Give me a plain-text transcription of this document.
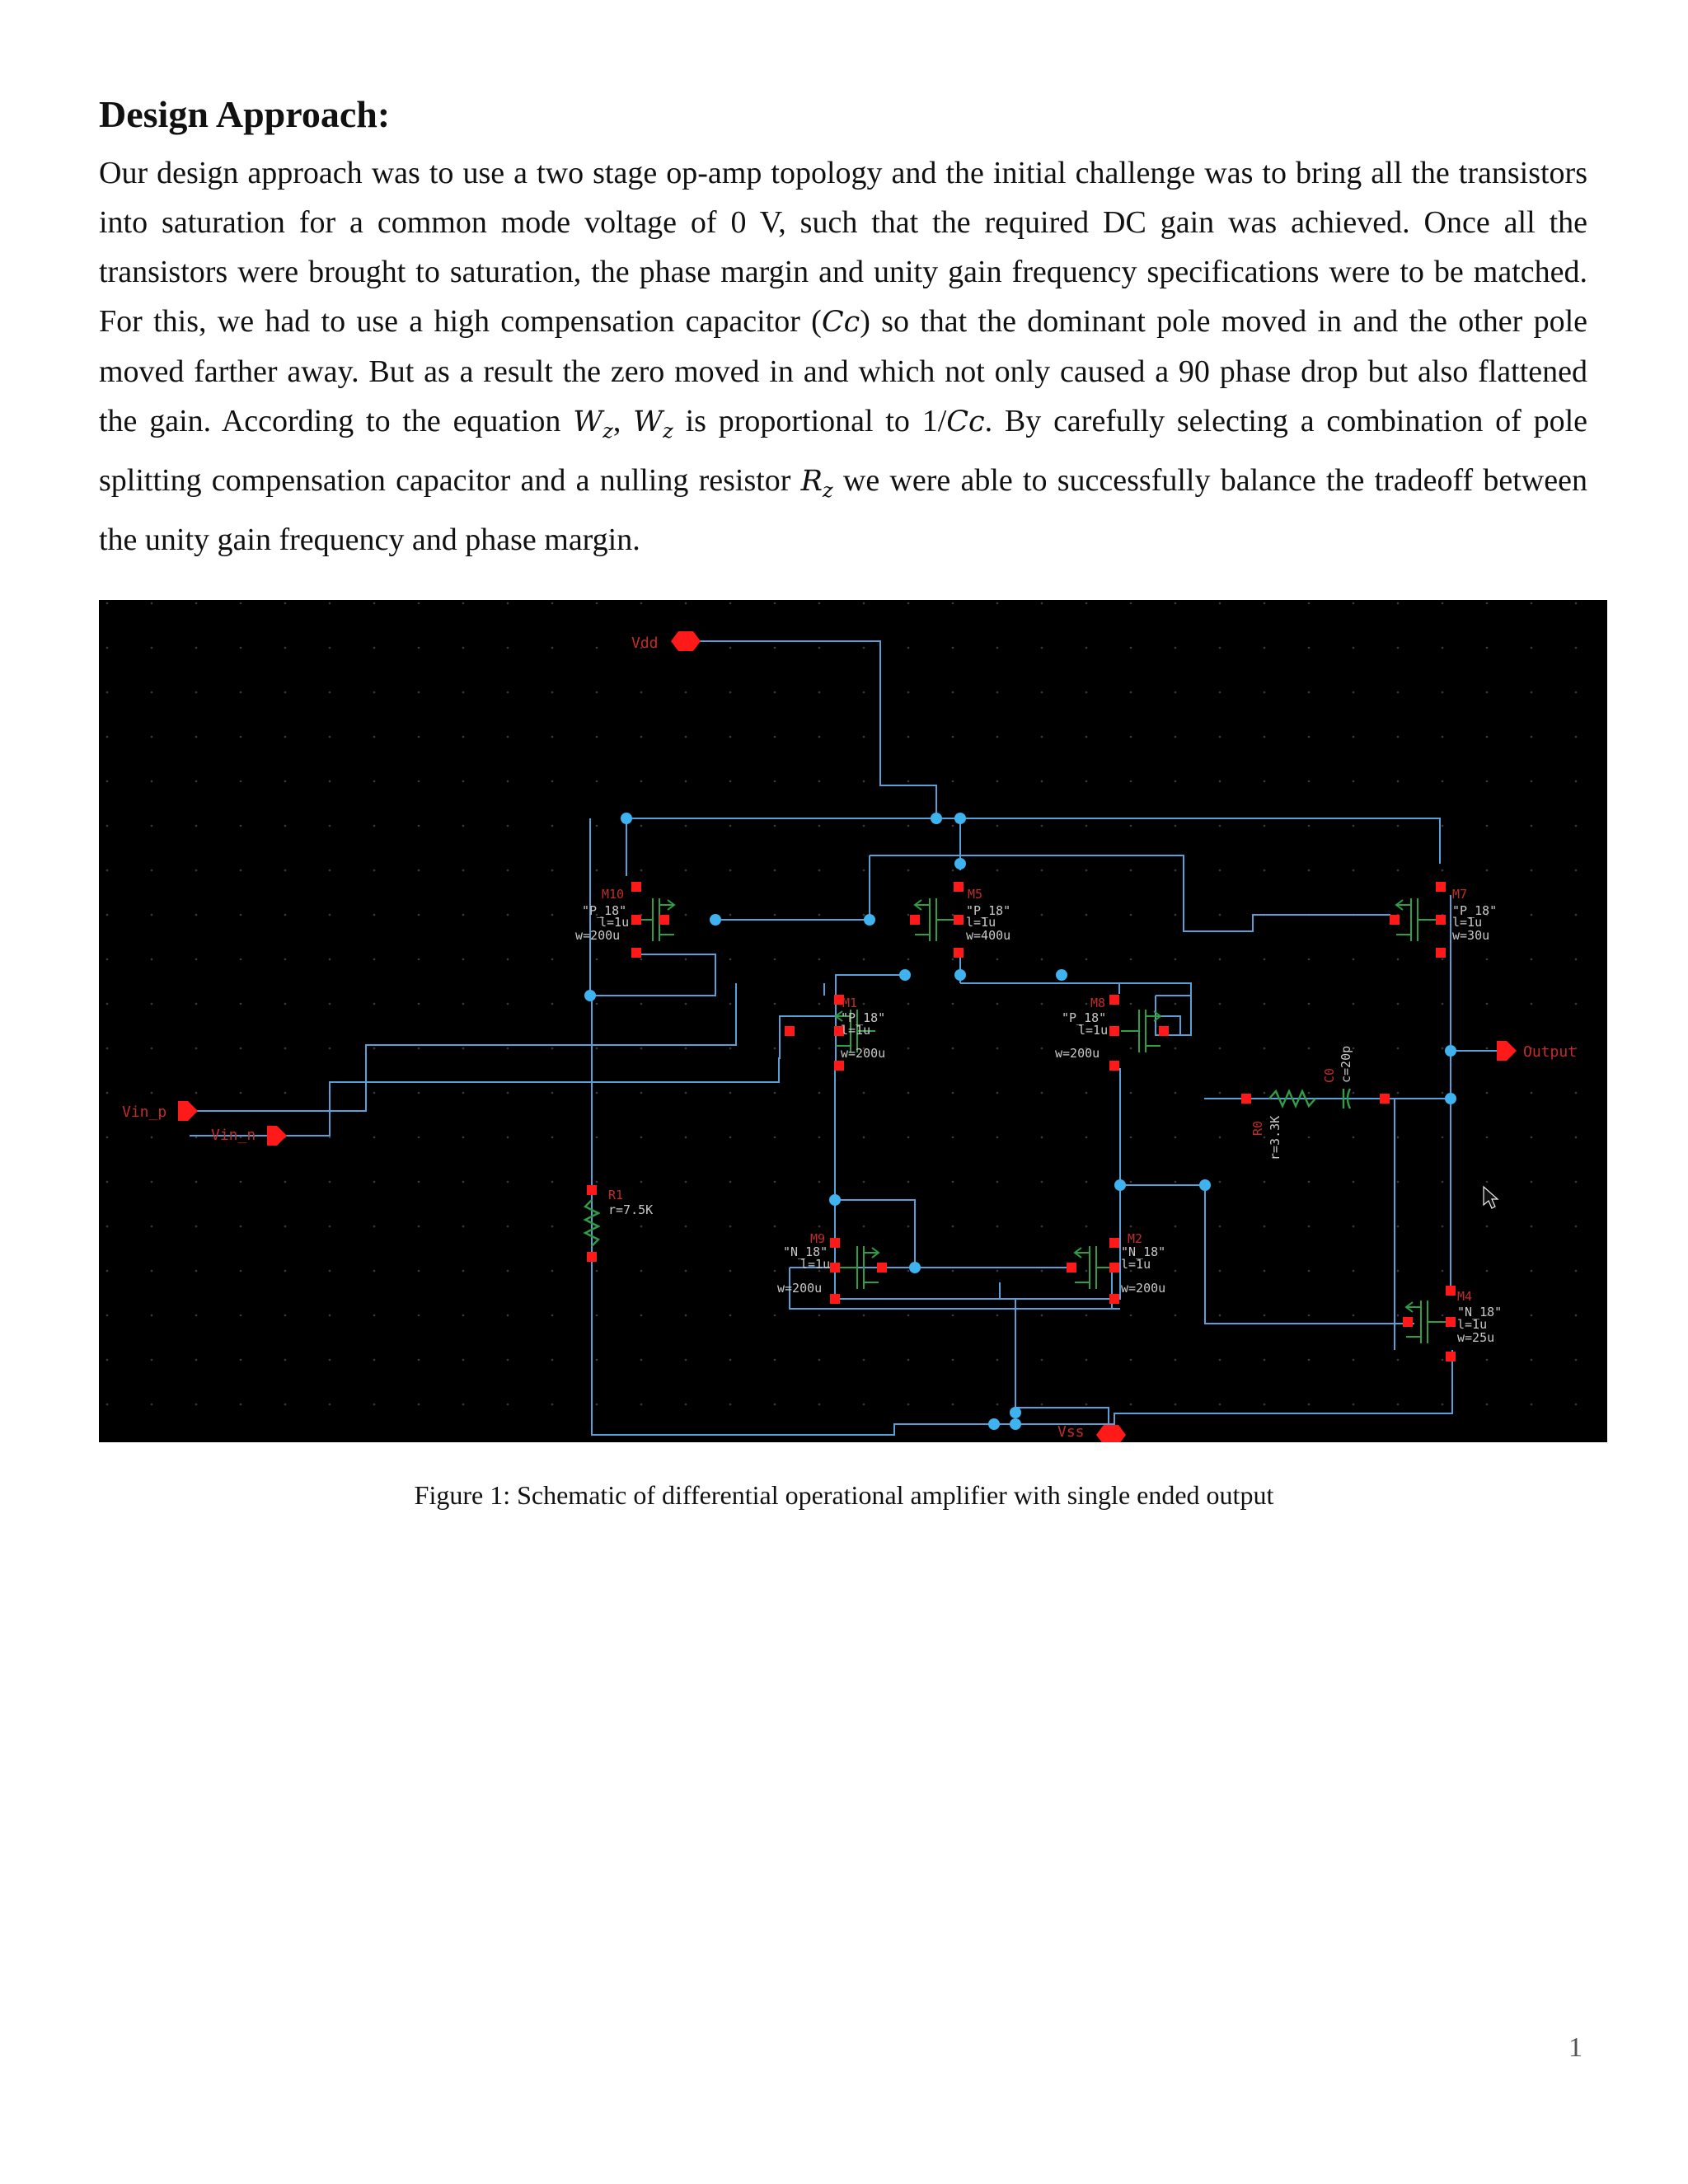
Design Approach:

Our design approach was to use a two stage op-amp topology and the initial challenge was to bring all the transistors into saturation for a common mode voltage of 0 V, such that the required DC gain was achieved. Once all the transistors were brought to saturation, the phase margin and unity gain frequency specifications were to be matched. For this, we had to use a high compensation capacitor (Cᴄ) so that the dominant pole moved in and the other pole moved farther away. But as a result the zero moved in and which not only caused a 90 phase drop but also flattened the gain. According to the equation $W_z$, $W_z$ is proportional to 1/Cᴄ. By carefully selecting a combination of pole splitting compensation capacitor and a nulling resistor $R_z$ we were able to successfully balance the tradeoff between the unity gain frequency and phase margin.

Vdd
Vss
Vin_p
Vin_n
Output
M10
"P_18"
l=1u
w=200u
M5
"P_18"
l=1u
w=400u
M7
"P_18"
l=1u
w=30u
M1
"P_18"
l=1u
w=200u
M8
"P_18"
l=1u
w=200u
M9
"N_18"
l=1u
w=200u
M2
"N_18"
l=1u
w=200u
M4
"N_18"
l=1u
w=25u
R1
r=7.5K
R0 r=3.3K
C0 c=20p
Figure 1: Schematic of differential operational amplifier with single ended output
1
